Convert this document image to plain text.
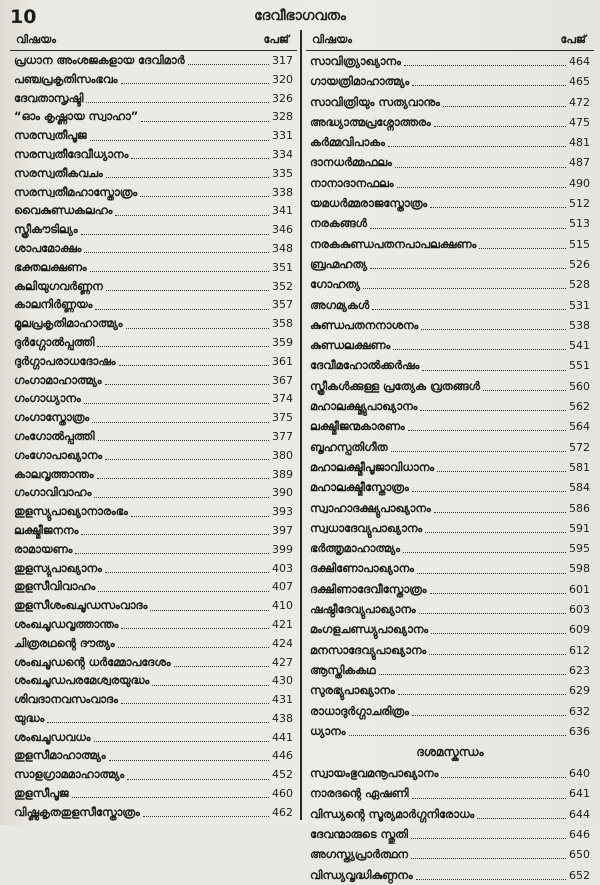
10	ദേവീഭാഗവതം
വിഷയം	പേജ്
പ്രധാന അംശജകളായ ദേവിമാർ	317
പഞ്ചപ്രകൃതിസംഭവം	320
ദേവതാസൃഷ്ടി	326
“ഓം കൃഷ്ണായ സ്വാഹാ”	328
സരസ്വതീപൂജ	331
സരസ്വതീദേവീധ്യാനം	334
സരസ്വതീകവചം	335
സരസ്വതീമഹാസ്തോത്രം	338
വൈകുണ്ഡകലഹം	341
സ്ത്രീകൗടില്യം	346
ശാപമോക്ഷം	348
ഭക്തലക്ഷണം	351
കലിയുഗവർണ്ണന	352
കാലനിർണ്ണയം	357
മൂലപ്രകൃതിമാഹാത്മ്യം	358
ദുർഗ്ഗോൽപ്പത്തി	359
ദുർഗ്ഗാപരാധദോഷം	361
ഗംഗാമാഹാത്മ്യം	367
ഗംഗാധ്യാനം	374
ഗംഗാസ്തോത്രം	375
ഗംഗോൽപ്പത്തി	377
ഗംഗോപാഖ്യാനം	380
കാലവൃത്താന്തം	389
ഗംഗാവിവാഹം	390
തുളസ്യുപാഖ്യാനാരംഭം	393
ലക്ഷ്മീജനനം	397
രാമായണം	399
തുളസ്യുപാഖ്യാനം	403
തുളസീവിവാഹം	407
തുളസീശംഖചൂഡസംവാദം	410
ശംഖചൂഡവൃത്താന്തം	421
ചിത്രരഥന്റെ ദൗത്യം	424
ശംഖചൂഡന്റെ ധർമ്മോപദേശം	427
ശംഖചൂഡപരമേശ്വരയുദ്ധം	430
ശിവദാനവസംവാദം	431
യുദ്ധം	438
ശംഖചൂഡവധം	441
തുളസീമാഹാത്മ്യം	446
സാളഗ്രാമമാഹാത്മ്യം	452
തുളസീപൂജ	460
വിഷ്ണുകൃതതുളസീസ്തോത്രം	462
വിഷയം	പേജ്
സാവിത്ര്യാഖ്യാനം	464
ഗായത്രിമാഹാത്മ്യം	465
സാവിത്രിയും സത്യവാനും	472
അദ്ധ്യാത്മപ്രശ്നോത്തരം	475
കർമ്മവിപാകം	481
ദാനധർമ്മഫലം	487
നാനാദാനഫലം	490
യമധർമ്മരാജസ്തോത്രം	512
നരകങ്ങൾ	513
നരകകുണ്ഡപതനപാപലക്ഷണം	515
ബ്രഹ്മഹത്യ	526
ഗോഹത്യ	528
അഗമ്യകൾ	531
കുണ്ഡപതനനാശനം	538
കുണ്ഡലക്ഷണം	541
ദേവീമഹോൽക്കർഷം	551
സ്ത്രീകൾക്കുള്ള പ്രത്യേക വ്രതങ്ങൾ	560
മഹാലക്ഷ്മ്യുപാഖ്യാനം	562
ലക്ഷ്മീജന്മകാരണം	564
ബൃഹസ്പതിഗീത	572
മഹാലക്ഷ്മീപൂജാവിധാനം	581
മഹാലക്ഷ്മീസ്തോത്രം	584
സ്വാഹാദക്ഷ്യുപാഖ്യാനം	586
സ്വധാദേവ്യുപാഖ്യാനം	591
ഭർത്തൃമാഹാത്മ്യം	595
ദക്ഷിണോപാഖ്യാനം	598
ദക്ഷിണാദേവീസ്തോത്രം	601
ഷഷ്ഠീദേവ്യുപാഖ്യാനം	603
മംഗളചണ്ഡ്യുപാഖ്യാനം	609
മനസാദേവ്യുപാഖ്യാനം	612
ആസ്തികകഥ	623
സുരഭ്യുപാഖ്യാനം	629
രാധാദുർഗ്ഗാചരിത്രം	632
ധ്യാനം	636
ദശമസ്കന്ധം
സ്വായംഭുവമനൂപാഖ്യാനം	640
നാരദന്റെ ഏഷണി	641
വിന്ധ്യന്റെ സൂര്യമാർഗ്ഗനിരോധം	644
ദേവന്മാരുടെ സ്തുതി	646
അഗസ്ത്യപ്രാർത്ഥന	650
വിന്ധ്യവൃദ്ധികുണ്ഠനം	652
